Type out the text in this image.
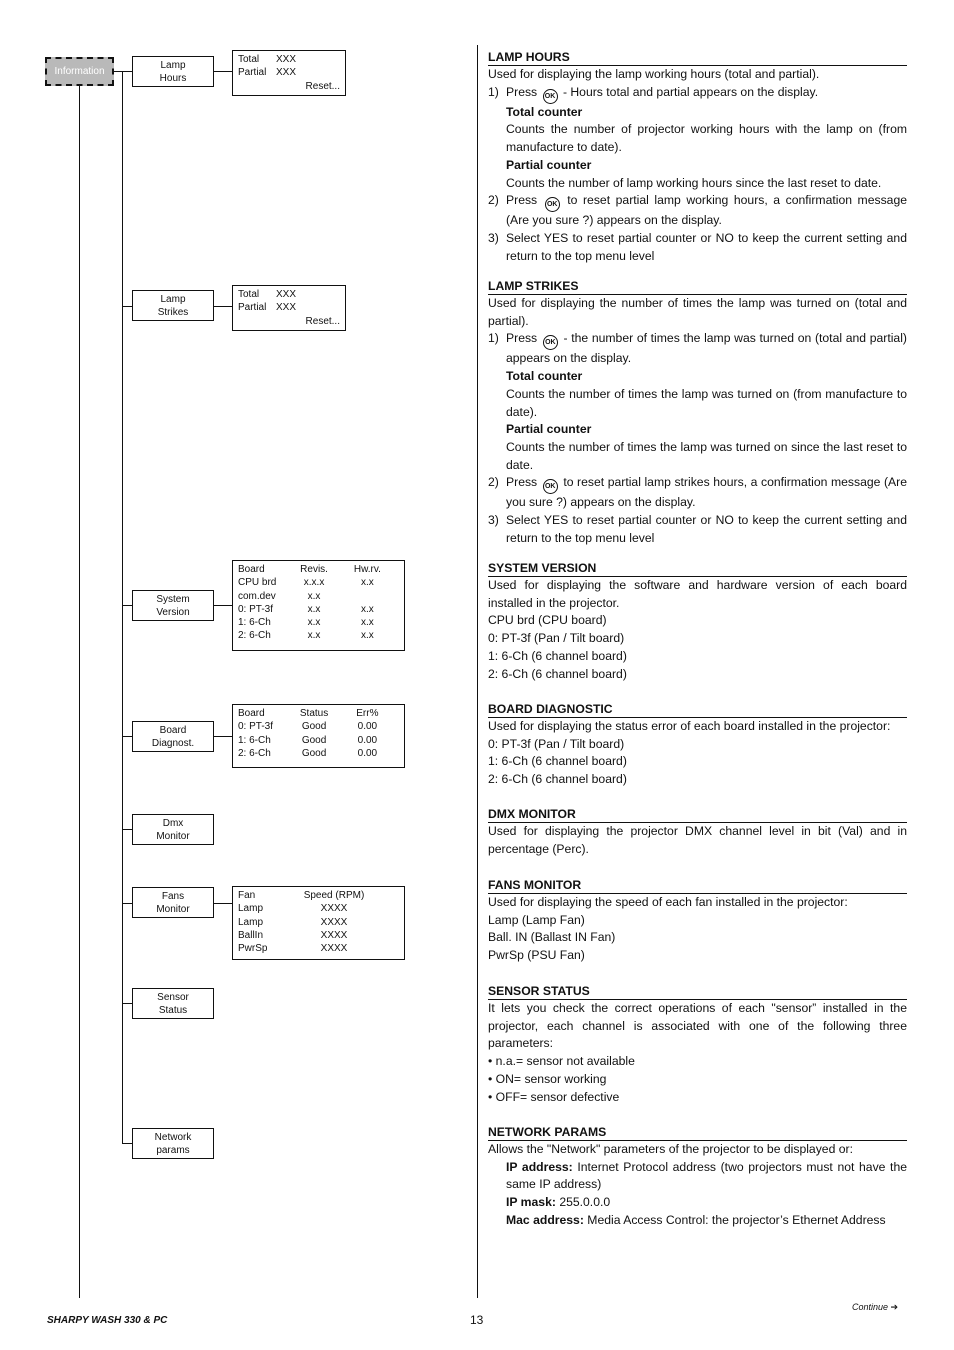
Information
Lamp
Hours
Lamp
Strikes
System
Version
Board
Diagnost.
Dmx
Monitor
Fans
Monitor
Sensor
Status
Network
params
Total	XXX
Partial XXX
Reset...
Total	XXX
Partial XXX
Reset...
Board	Revis.	Hw.rv.
CPU brd	x.x.x	x.x
com.dev	x.x
0: PT-3f	x.x	x.x
1: 6-Ch	x.x	x.x
2: 6-Ch	x.x	x.x
Board	Status	Err%
0: PT-3f	Good	0.00
1: 6-Ch	Good	0.00
2: 6-Ch	Good	0.00
Fan	Speed (RPM)
Lamp	XXXX
Lamp	XXXX
BallIn	XXXX
PwrSp	XXXX
LAMP HOURS
Used for displaying the lamp working hours (total and partial).
1) Press OK - Hours total and partial appears on the display.
Total counter
Counts the number of projector working hours with the lamp on (from manufacture to date).
Partial counter
Counts the number of lamp working hours since the last reset to date.
2) Press OK to reset partial lamp working hours, a confirmation message (Are you sure ?) appears on the display.
3) Select YES to reset partial counter or NO to keep the current setting and return to the top menu level
LAMP STRIKES
Used for displaying the number of times the lamp was turned on (total and partial).
1) Press OK - the number of times the lamp was turned on (total and partial) appears on the display.
Total counter
Counts the number of times the lamp was turned on (from manufacture to date).
Partial counter
Counts the number of times the lamp was turned on since the last reset to date.
2) Press OK to reset partial lamp strikes hours, a confirmation message (Are you sure ?) appears on the display.
3) Select YES to reset partial counter or NO to keep the current setting and return to the top menu level
SYSTEM VERSION
Used for displaying the software and hardware version of each board installed in the projector.
CPU brd (CPU board)
0: PT-3f (Pan / Tilt board)
1: 6-Ch (6 channel board)
2: 6-Ch (6 channel board)
BOARD DIAGNOSTIC
Used for displaying the status error of each board installed in the projector:
0: PT-3f (Pan / Tilt board)
1: 6-Ch (6 channel board)
2: 6-Ch (6 channel board)
DMX MONITOR
Used for displaying the projector DMX channel level in bit (Val) and in percentage (Perc).
FANS MONITOR
Used for displaying the speed of each fan installed in the projector:
Lamp (Lamp Fan)
Ball. IN (Ballast IN Fan)
PwrSp (PSU Fan)
SENSOR STATUS
It lets you check the correct operations of each "sensor” installed in the projector, each channel is associated with one of the following three parameters:
• n.a.= sensor not available
• ON= sensor working
• OFF= sensor defective
NETWORK PARAMS
Allows the "Network" parameters of the projector to be displayed or:
IP address: Internet Protocol address (two projectors must not have the same IP address)
IP mask: 255.0.0.0
Mac address: Media Access Control: the projector’s Ethernet Address
SHARPY WASH 330 & PC	13
Continue ➔
